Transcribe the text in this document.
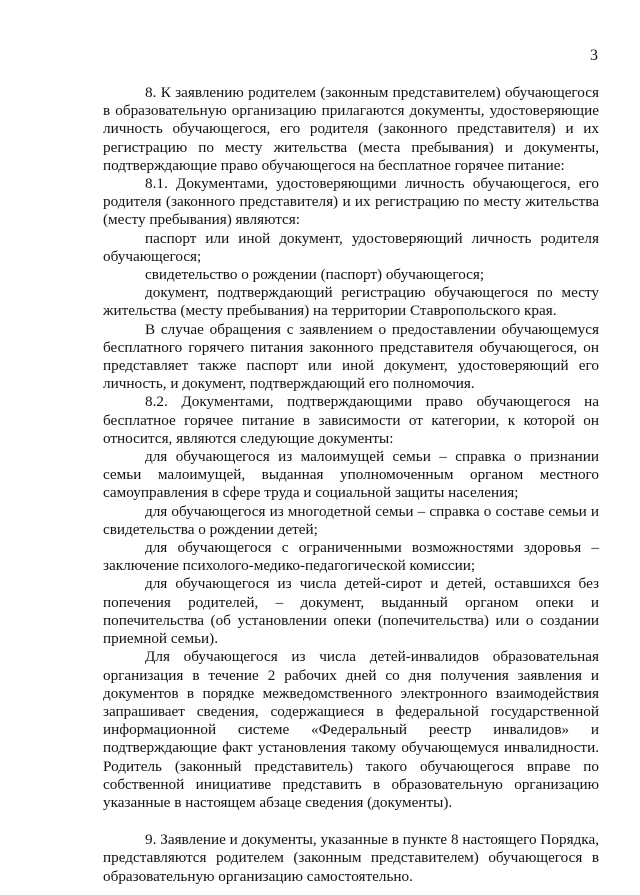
3

8. К заявлению родителем (законным представителем) обучающегося в образовательную организацию прилагаются документы, удостоверяющие личность обучающегося, его родителя (законного представителя) и их регистрацию по месту жительства (места пребывания) и документы, подтверждающие право обучающегося на бесплатное горячее питание:

8.1. Документами, удостоверяющими личность обучающегося, его родителя (законного представителя) и их регистрацию по месту жительства (месту пребывания) являются:

паспорт или иной документ, удостоверяющий личность родителя обучающегося;

свидетельство о рождении (паспорт) обучающегося;

документ, подтверждающий регистрацию обучающегося по месту жительства (месту пребывания) на территории Ставропольского края.

В случае обращения с заявлением о предоставлении обучающемуся бесплатного горячего питания законного представителя обучающегося, он представляет также паспорт или иной документ, удостоверяющий его личность, и документ, подтверждающий его полномочия.

8.2. Документами, подтверждающими право обучающегося на бесплатное горячее питание в зависимости от категории, к которой он относится, являются следующие документы:

для обучающегося из малоимущей семьи – справка о признании семьи малоимущей, выданная уполномоченным органом местного самоуправления в сфере труда и социальной защиты населения;

для обучающегося из многодетной семьи – справка о составе семьи и свидетельства о рождении детей;

для обучающегося с ограниченными возможностями здоровья – заключение психолого-медико-педагогической комиссии;

для обучающегося из числа детей-сирот и детей, оставшихся без попечения родителей, – документ, выданный органом опеки и попечительства (об установлении опеки (попечительства) или о создании приемной семьи).

Для обучающегося из числа детей-инвалидов образовательная организация в течение 2 рабочих дней со дня получения заявления и документов в порядке межведомственного электронного взаимодействия запрашивает сведения, содержащиеся в федеральной государственной информационной системе «Федеральный реестр инвалидов» и подтверждающие факт установления такому обучающемуся инвалидности. Родитель (законный представитель) такого обучающегося вправе по собственной инициативе представить в образовательную организацию указанные в настоящем абзаце сведения (документы).

9. Заявление и документы, указанные в пункте 8 настоящего Порядка, представляются родителем (законным представителем) обучающегося в образовательную организацию самостоятельно.
